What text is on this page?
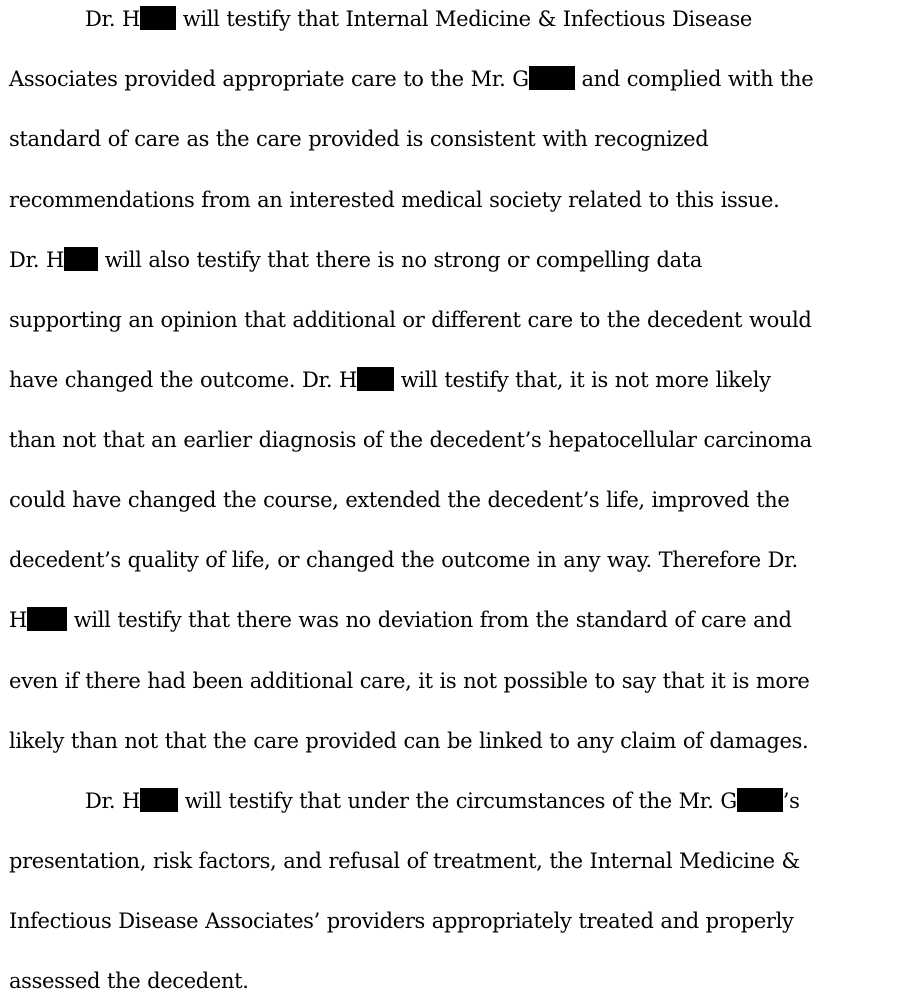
Dr. H will testify that Internal Medicine & Infectious Disease
Associates provided appropriate care to the Mr. G and complied with the
standard of care as the care provided is consistent with recognized
recommendations from an interested medical society related to this issue.
Dr. H will also testify that there is no strong or compelling data
supporting an opinion that additional or different care to the decedent would
have changed the outcome. Dr. H will testify that, it is not more likely
than not that an earlier diagnosis of the decedent’s hepatocellular carcinoma
could have changed the course, extended the decedent’s life, improved the
decedent’s quality of life, or changed the outcome in any way. Therefore Dr.
H will testify that there was no deviation from the standard of care and
even if there had been additional care, it is not possible to say that it is more
likely than not that the care provided can be linked to any claim of damages.
Dr. H will testify that under the circumstances of the Mr. G ’s
presentation, risk factors, and refusal of treatment, the Internal Medicine &
Infectious Disease Associates’ providers appropriately treated and properly
assessed the decedent.
